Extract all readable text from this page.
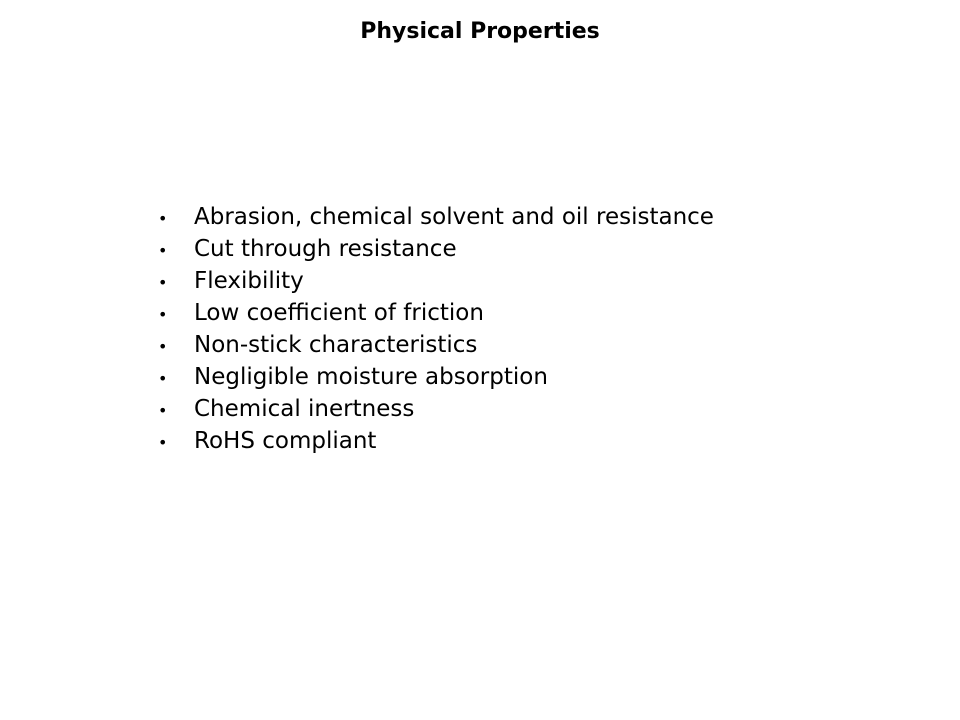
Physical Properties
•	Abrasion, chemical solvent and oil resistance
•	Cut through resistance
•	Flexibility
•	Low coefficient of friction
•	Non-stick characteristics
•	Negligible moisture absorption
•	Chemical inertness
•	RoHS compliant
